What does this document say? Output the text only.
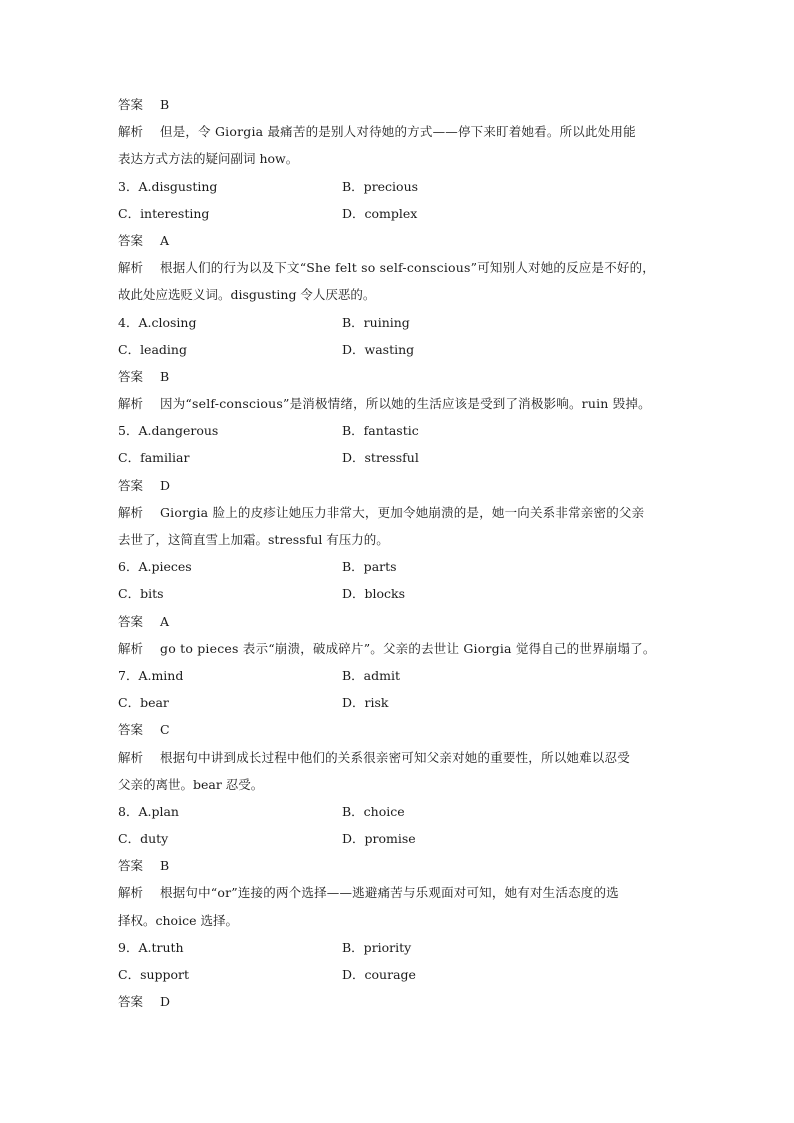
答案 B
解析 但是，令 Giorgia 最痛苦的是别人对待她的方式——停下来盯着她看。所以此处用能
表达方式方法的疑问副词 how。
3．A.disgusting	B．precious
C．interesting	D．complex
答案 A
解析 根据人们的行为以及下文“She felt so self-conscious”可知别人对她的反应是不好的，
故此处应选贬义词。disgusting 令人厌恶的。
4．A.closing	B．ruining
C．leading	D．wasting
答案 B
解析 因为“self-conscious”是消极情绪，所以她的生活应该是受到了消极影响。ruin 毁掉。
5．A.dangerous	B．fantastic
C．familiar	D．stressful
答案 D
解析 Giorgia 脸上的皮疹让她压力非常大，更加令她崩溃的是，她一向关系非常亲密的父亲
去世了，这简直雪上加霜。stressful 有压力的。
6．A.pieces	B．parts
C．bits	D．blocks
答案 A
解析 go to pieces 表示“崩溃，破成碎片”。父亲的去世让 Giorgia 觉得自己的世界崩塌了。
7．A.mind	B．admit
C．bear	D．risk
答案 C
解析 根据句中讲到成长过程中他们的关系很亲密可知父亲对她的重要性，所以她难以忍受
父亲的离世。bear 忍受。
8．A.plan	B．choice
C．duty	D．promise
答案 B
解析 根据句中“or”连接的两个选择——逃避痛苦与乐观面对可知，她有对生活态度的选
择权。choice 选择。
9．A.truth	B．priority
C．support	D．courage
答案 D
